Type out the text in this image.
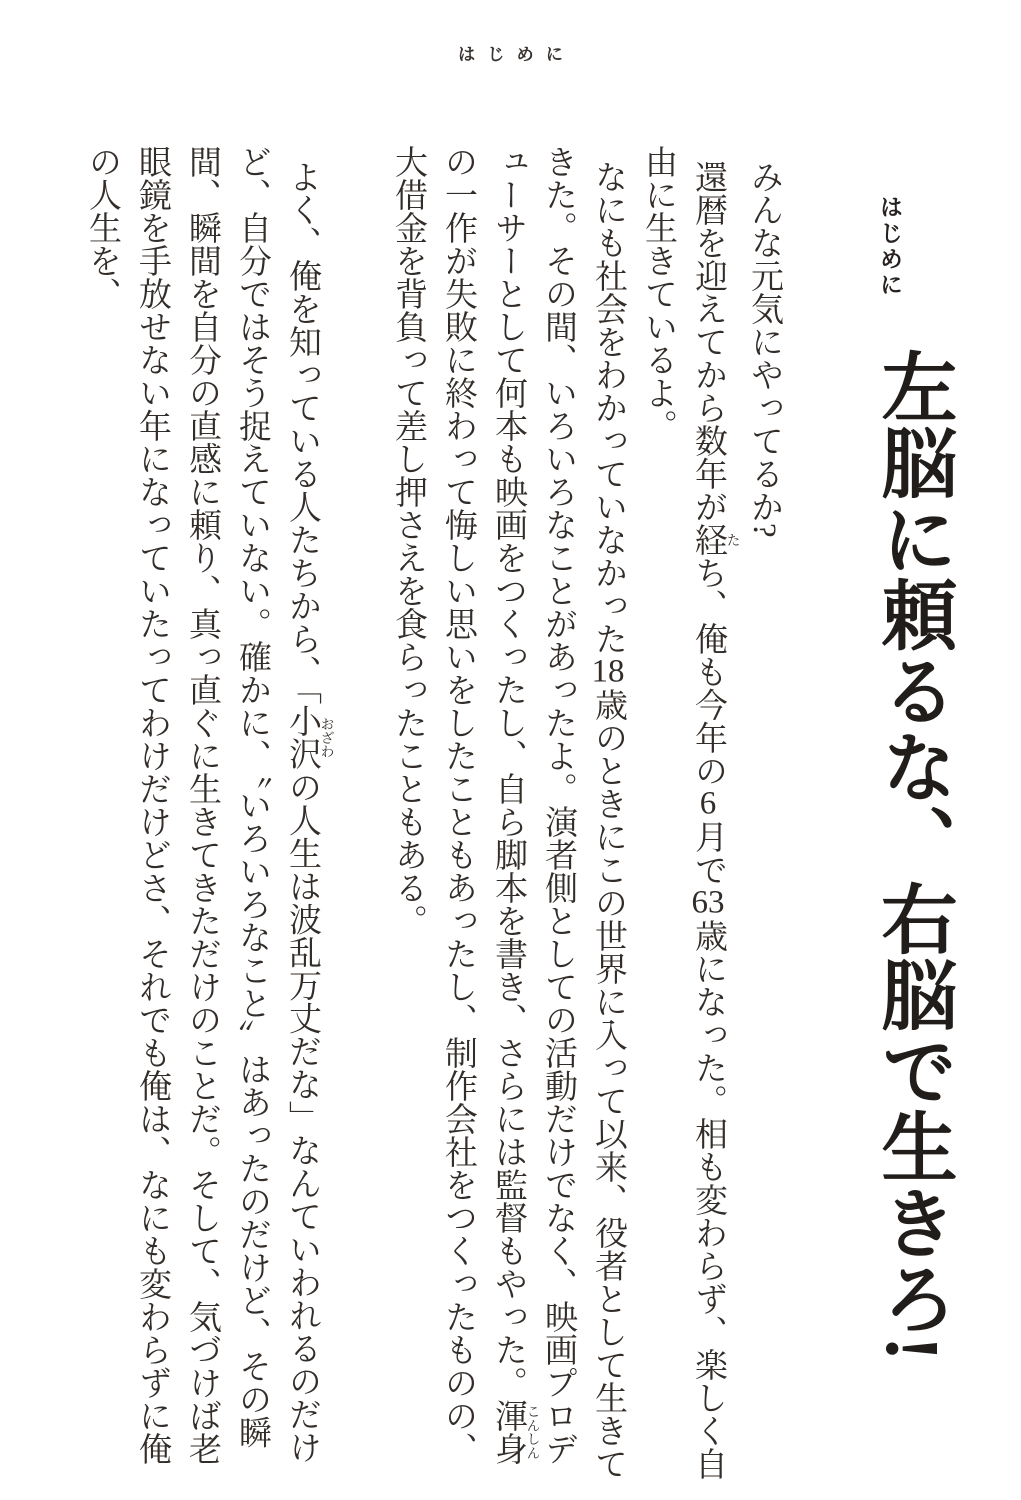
はじめに
はじめに
左脳に頼るな、右脳で生きろ!

みんな元気にやってるか?

還暦を迎えてから数年が経たち、俺も今年の6月で63歳になった。相も変わらず、楽しく自由に生きているよ。

なにも社会をわかっていなかった18歳のときにこの世界に入って以来、役者として生きてきた。その間、いろいろなことがあったよ。演者側としての活動だけでなく、映画プロデューサーとして何本も映画をつくったし、自ら脚本を書き、さらには監督もやった。渾身こんしんの一作が失敗に終わって悔しい思いをしたこともあったし、制作会社をつくったものの、大借金を背負って差し押さえを食らったこともある。

よく、俺を知っている人たちから、「小沢おざわの人生は波乱万丈だな」なんていわれるのだけど、自分ではそう捉えていない。確かに、〝いろいろなこと〟はあったのだけど、その瞬間、瞬間を自分の直感に頼り、真っ直ぐに生きてきただけのことだ。そして、気づけば老眼鏡を手放せない年になっていたってわけだけどさ、それでも俺は、なにも変わらずに俺の人生を、
